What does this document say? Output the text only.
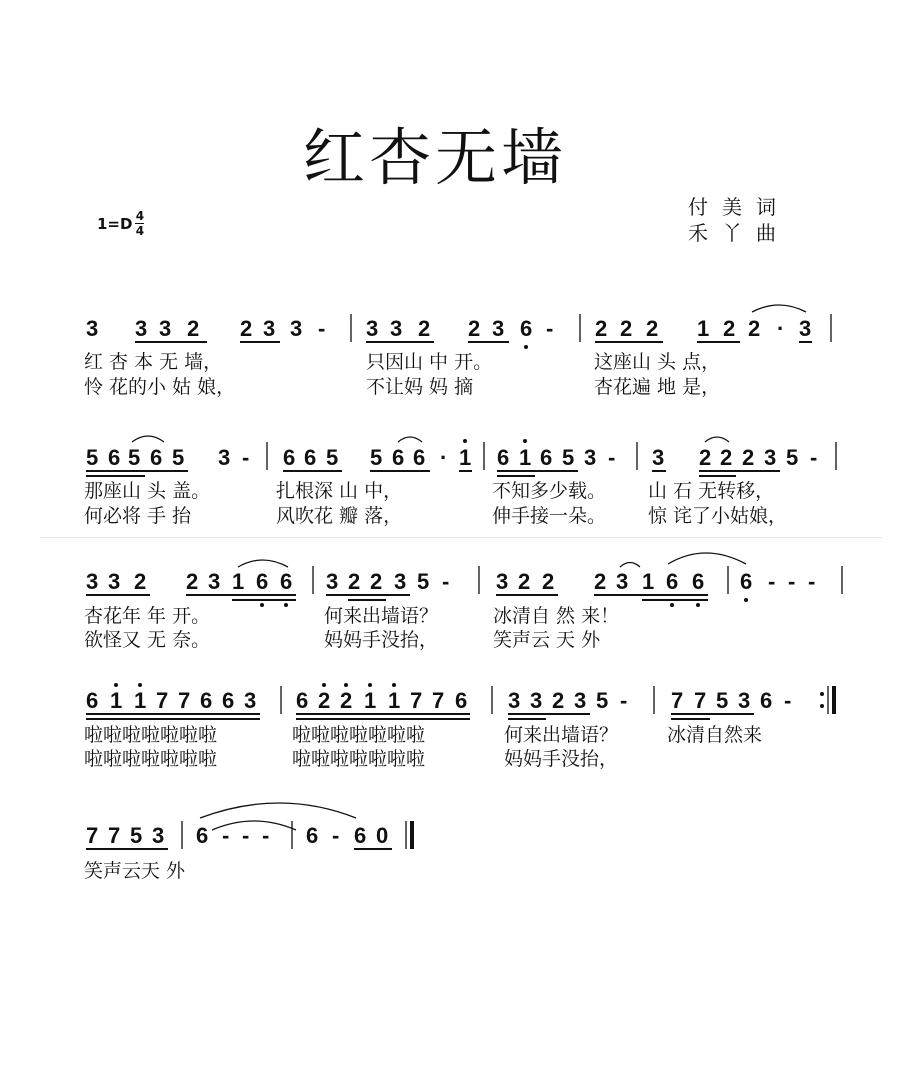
红杏无墙
$1=D \frac{4}{4}$
付美词
禾丫曲
3 3 3 2 2 3 3 - 3 3 2 2 3 6 - 2 2 2 1 2 2 · 3
红 杏 本 无 墙，	只因山 中 开。	这座山 头 点，
怜 花的小 姑 娘，	不让妈 妈 摘	杏花遍 地 是，
5 6 5 6 5 3 - 6 6 5 5 6 6 · 1 6 1 6 5 3 - 3 2 2 2 3 5 -
那座山 头 盖。	扎根深 山 中，	不知多少载。 山 石 无转移，
何必将 手 抬	风吹花 瓣 落，	伸手接一朵。 惊 诧了小姑娘，
3 3 2 2 3 1 6 6 3 2 2 3 5 - 3 2 2 2 3 1 6 6 6 - - -
杏花年 年 开。	何来出墙语？	冰清自 然 来！
欲怪又 无 奈。	妈妈手没抬，	笑声云 天 外
6 1 1 7 7 6 6 3 6 2 2 1 1 7 7 6 3 3 2 3 5 - 7 7 5 3 6 -
啦啦啦啦啦啦啦	啦啦啦啦啦啦啦	何来出墙语？	冰清自然来
啦啦啦啦啦啦啦	啦啦啦啦啦啦啦	妈妈手没抬，
7 7 5 3 6 - - - 6 - 6 0
笑声云天 外
